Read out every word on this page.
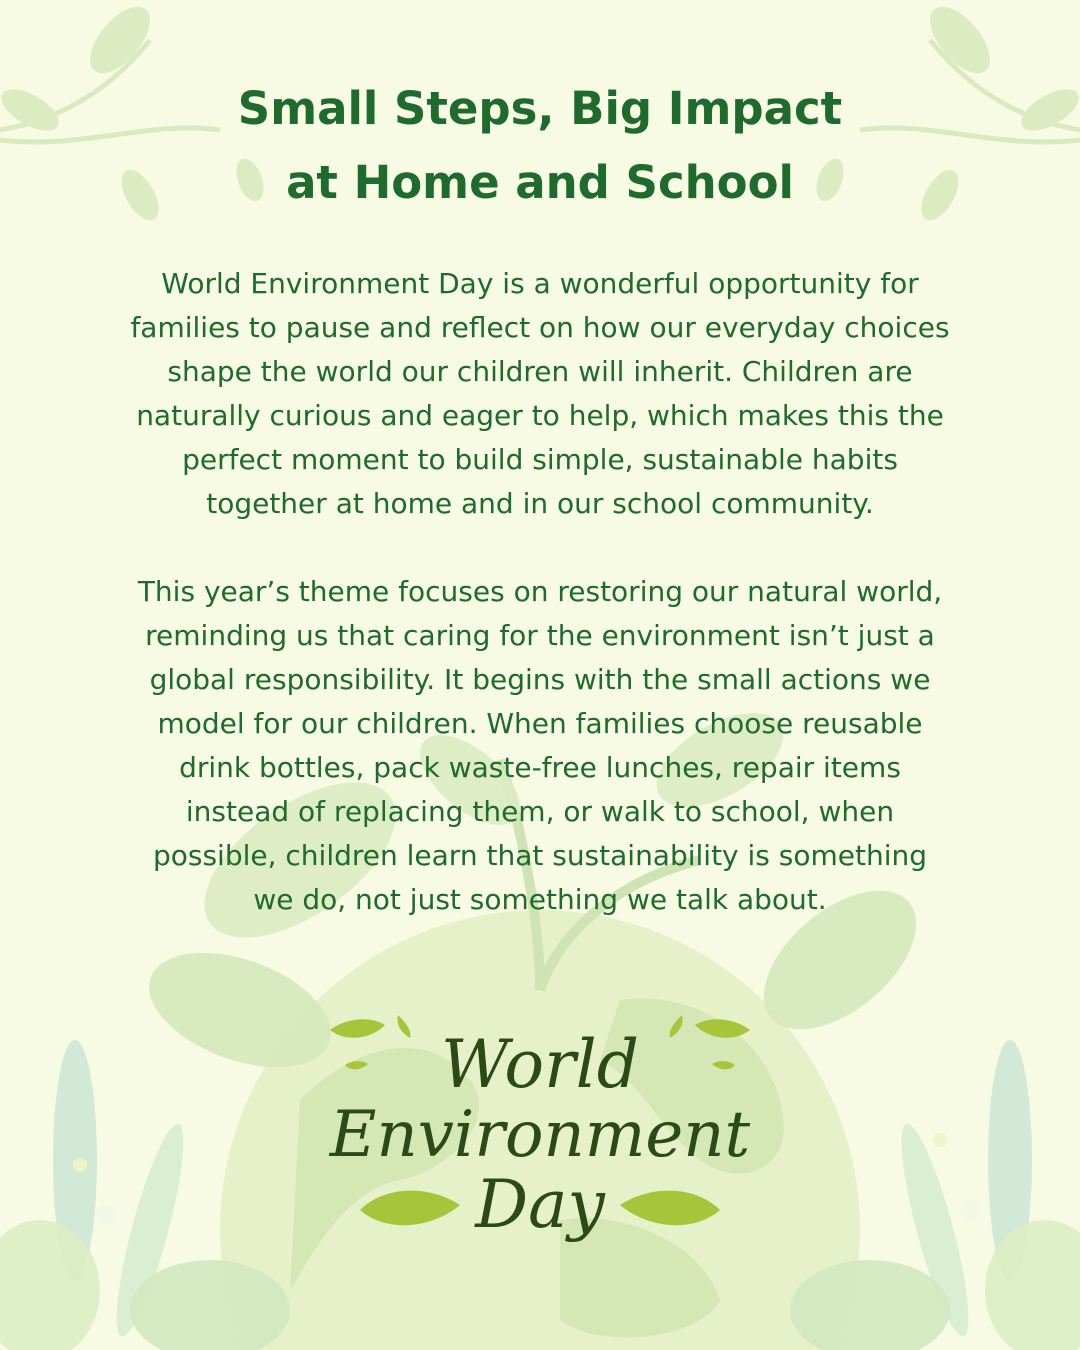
Small Steps, Big Impact
at Home and School

World Environment Day is a wonderful opportunity for
families to pause and reflect on how our everyday choices
shape the world our children will inherit. Children are
naturally curious and eager to help, which makes this the
perfect moment to build simple, sustainable habits
together at home and in our school community.

This year’s theme focuses on restoring our natural world,
reminding us that caring for the environment isn’t just a
global responsibility. It begins with the small actions we
model for our children. When families choose reusable
drink bottles, pack waste-free lunches, repair items
instead of replacing them, or walk to school, when
possible, children learn that sustainability is something
we do, not just something we talk about.

World

Environment

Day
